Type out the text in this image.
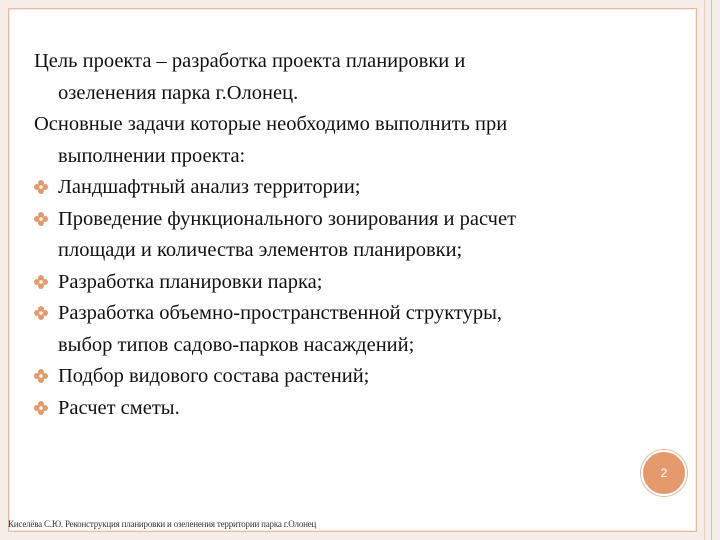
Цель проекта – разработка проекта планировки и
озеленения парка г.Олонец.

Основные задачи которые необходимо выполнить при
выполнении проекта:

Ландшафтный анализ территории;
Проведение функционального зонирования и расчет
площади и количества элементов планировки;
Разработка планировки парка;
Разработка объемно-пространственной структуры,
выбор типов садово-парков насаждений;
Подбор видового состава растений;
Расчет сметы.
2
Киселёва С.Ю. Реконструкция планировки и озеленения территории парка г.Олонец
